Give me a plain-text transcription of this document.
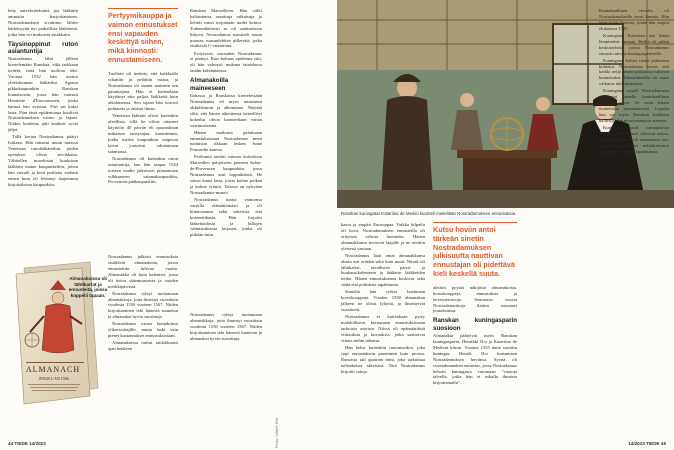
letty aateeksäriksintä joa lääkärin ammatin harjoittaminen. Nostradamuksen sivuhimo lähtee kärkäsyyttä nyt paikallisia lääkäreitä, jotka hän vei maksavia asiakkaita.

Täysinoppinut ruton asiantuntija

Nostradamus lähti jälleen kiertelemään Ranskaa, eikä tarkkaan tiedetä, mitä hän tuolloin teki. Vuonna 1532 hän asettui yhteiskunnan lääkäriksi Agenin pikkukaupunkiin Ranskan lounaisosiin, jossa hän tutustui Henriette d'Enscausseen, jonka kanssa hän avioitui. Pari sai kaksi lasta. Pian tästä epidemiassa kuolivat Nostradamuksen vaimo ja lapset. Niiden kuolema jätti kauheat syvät jäljet.

Tällä kertaa Nostradamus päätyi Italiaan. Hän tutustui muun muassa Venetsian ruttolääkäreihin, joiden opetukset olivat arvokkaita. Vähitellen muodostui kuuluisan lääkärin maine kaupunkeihin, joissa hän vieraili ja hoiti potilaita varhain ennen kuin oli levinnyt laajemmin kirjoituksista kaupunkiin.

Perfyymikauppa ja vaimon ennustukset ensi vapauden keskittyä siihen, mikä kiinnosti: ennustamiseen.

Tuolloin oli tiedetty, että kaikkialla vihattiin ja pelättiin ruttoa, ja Nostradamus oli saanut maineen sen parantajana. Hän ei kuitenkaan käyttänyt niin paljoa lääkkeitä kuin aikalaisensa. Sen sijaan hän korosti puhtautta ja raitista ilmaa.

Venetsian lääkärit olivat kuitenkin oleellisia, sillä he olivat ottaneet käyttöön 40 päivän eli quarantinan mittaisen eristysajan, karanteenin, jonka myötä kaupunkiin saapuvat laivat joutuivat odottamaan satamassa.

Nostradamus oli kuitenkin ruton asiantuntija, kun hän saapui 1544 toiseen taudin jatkuvasti piinaamaan vilkkaaseen satamakaupunkiin, Provencen pääkaupunkiin.

Ranskan Marseilleen. Hän vältti kaltaistensa sanottuja ratkaisuja ja kehitti ruton torjuntaan uudet keinot. Todennäköisesti se oli sanitaatioon liittyvä. Nostradamus suositteli muun muassa ruusunlehtien pillereitä, jotka sisälsivät C-vitamiinia.

Erityisesti, sairauden Nostradamus ei pitänyt. Kun kolmas epidemia iski, oli hän vahvasti mukana taistelussa taudin kohdattaessa.

Almanakoilla maineeseen

Italiassa ja Ranskassa kiertelessään Nostradamus oli myös tutustunut okkultismiin ja alkemiaan. Näyttää siltä, että hänen aiheittensa tieteelliset kokeilut olivat luonteeltaan varsin vaatimattomia.

Hänen matkasta palattuaan ennustuksistaan Nostradamus meni naimisiin rikkaan lesken Anne Ponsardin kanssa.

Parikunta asettui vaimon kotitaloon Marseillen pohjoiseen pieneen Salon-de-Provencen kaupunkiin, jossa Nostradamus asui loppuikänsä. He saivat kuusi lasta, joista kolme poikaa ja kolme tytärtä. Talossa on nykyään Nostradamus-museo.

Nostradamus tuntui vaimonsa varoilla elämättömästi ja oli kiinnostunut sekä sokerista että kosmetiikasta. Hän kirjoitti lääkehoidosta ja hillojen valmistuksesta kirjasen, jonka oli pitkään tuttu.

Nostradamus julkaisi ennustuksia sisältäviä almanakoita, joissa ennustettiin tulevaa vuotta. Almanakka oli kuin kalenteri, jossa oli tietoa sääennusteista ja vuoden merkkipäivistä.

Nostradamus ryhtyi tuottamaan almanakkoja, joita ilmestyi vuosittain vuodesta 1550 vuoteen 1567. Niiden kirjoittaminen teki hänestä tunnetun ja almanakat hyvin suosittuja.

Nostradamus varasi kontaktinsa ylikerroittajille, mutta laski vain pienet kustannukset ennustuksistaan.

Almanakoissa tarttui taidokkaasti ajan henkeen

Nostradamus ryhtyi tuottamaan almanakkoja, joita ilmestyi vuosittain vuodesta 1550 vuoteen 1567. Niiden kirjoittaminen teki hänestä tunnetun ja almanakat hyvin suosittuja.

ALMANACH
POUR L'AN 1566
Almanakoissa oli tähtikartat ja ennusteita, joissa koppelii tapaan.
44 TIEDE 14/2023	Photo: Ullstein Bild
Ranskan kuningatar Katariina de Medici kuunteli mielellään Nostradamuksen ennustuksia.

kassa ja ympäri Eurooppaa. Vaikka kilpailu oli kova, Nostradamuksen ennusteilla oli erityisen vahvaa luonnetta. Hänen almanakkansa levisivät laajalle ja ne otettiin yleisesti vastaan.

Nostradamus laati omat almanakkansa alusta asti erittäin sekä kuin muut. Nitsak oli tähtikartat, tavallisten päivä- ja kuukausikalenterin ja lääkärin lääkkeiden tiedot. Hänen ennustuksensa koskivat sekä säätä että poliittisia tapahtumia.

Samalla hän ryhtyi laatimaan horoskooppeja. Vuoden 1550 almanakan jälkeen ne olivat lyhyitä, ja ilmestyivät vuosittain.

Nostradamus ei kuitenkaan pysty mahdollisesti kertomaan ennustuksissaan tarkoista asioista. Niissä oli epämääräisiä viittauksia ja kuvauksia, jotka saattoivat viitata mihin tahansa.

Hän keksi kuitenkin runomuodon, joka sopi ennustuksiin paremmin kuin proosa. Runoista tuli quatrain nimi, joka tarkoittaa nelisäkeistä säkeistöä. Nitä Nostradamus kirjoitti satoja.

Kutsu hoviin antoi tärkeän sinetin Nostradamuksen julkisuutta nauttivan ennustajan oli pidettävä kieli keskellä suuta.

alettiin pyytää näkijöitä almanakoista, horoskooppeja, ennustuksia ja terveysneuvoja. Seuraavia vuosia Nostradamuskoja ilattiin runsaasti joutuksiinsa.

Ranskan kuningasparin suosioon

Almanakat päätyivät myös Ranskan kuningasparin, Henrikki II:n ja Katariina de Medicin käsiin. Vuonna 1555 tämä suosittu kuningas Henrik II:n kutsumaan Nostradamuksen hoviinsa. Syynä oli vuosialmanakan ennustus, jossa Nostradamus kehotti kuningasta varomaan "vaaroja talvella, jotka hän ei uskalla ilmaista kirjoittamalla".

Kuninkaallinen vierailu oli Nostradamukselle suuri kunnia. Hän lähti kohti Pariisia, jonne hän saapui elokuussa 1555.

Kuningatar Katariina otti hänet lämpimästi vastaan. Heillä oli pitkiä keskusteluita, joissa Nostradamus ennusti tulevaa kuningasperheelle.

Kuningatar halusi tietää poikiensa kohtalot. Nostradamus kertoi, että kaikki neljä hänen poikaansa tulisivat kuninkaiksi. Ennustuksella oli suuri vaikutus tulevaisuuteen.

Kuningatar suojeli Nostradamusta ja antoi hänelle kuninkaallisen lääkärin arvon. Se nosti hänen mainettaan huomattavasti. Lopulta hän sai myös Ranskan kaikkien hallitsijoiden neuvonantajan aseman.

Kuningas kuoli turnajaisissa vuonna 1559. Monet alkoivat uskoa, että Nostradamus oli ennustanut sen, sillä erään hänen nelisäkeisensä katsottiin kuvaavan tapahtumaa.

14/2023 TIEDE 45
